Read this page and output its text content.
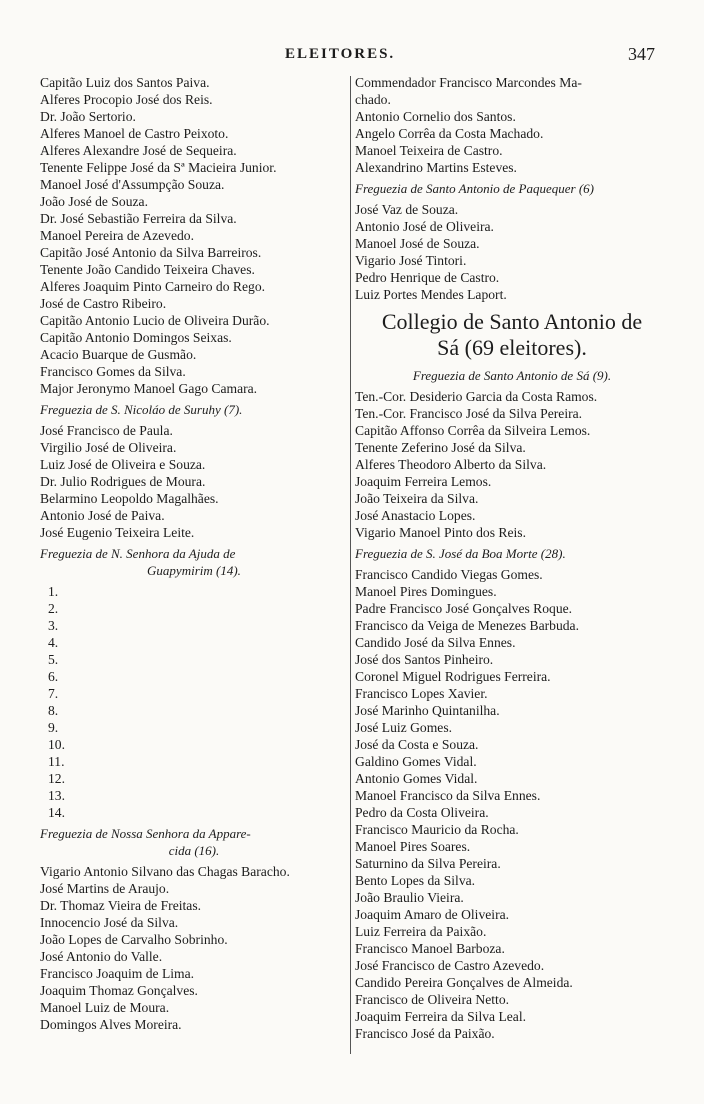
ELEITORES.	347
Capitão Luiz dos Santos Paiva.
Alferes Procopio José dos Reis.
Dr. João Sertorio.
Alferes Manoel de Castro Peixoto.
Alferes Alexandre José de Sequeira.
Tenente Felippe José da Sª Macieira Junior.
Manoel José d'Assumpção Souza.
João José de Souza.
Dr. José Sebastião Ferreira da Silva.
Manoel Pereira de Azevedo.
Capitão José Antonio da Silva Barreiros.
Tenente João Candido Teixeira Chaves.
Alferes Joaquim Pinto Carneiro do Rego.
José de Castro Ribeiro.
Capitão Antonio Lucio de Oliveira Durão.
Capitão Antonio Domingos Seixas.
Acacio Buarque de Gusmão.
Francisco Gomes da Silva.
Major Jeronymo Manoel Gago Camara.
Freguezia de S. Nicoláo de Suruhy (7).
José Francisco de Paula.
Virgilio José de Oliveira.
Luiz José de Oliveira e Souza.
Dr. Julio Rodrigues de Moura.
Belarmino Leopoldo Magalhães.
Antonio José de Paiva.
José Eugenio Teixeira Leite.
Freguezia de N. Senhora da Ajuda de
Guapymirim (14).
1.
2.
3.
4.
5.
6.
7.
8.
9.
10.
11.
12.
13.
14.
Freguezia de Nossa Senhora da Appare-
cida (16).
Vigario Antonio Silvano das Chagas Baracho.
José Martins de Araujo.
Dr. Thomaz Vieira de Freitas.
Innocencio José da Silva.
João Lopes de Carvalho Sobrinho.
José Antonio do Valle.
Francisco Joaquim de Lima.
Joaquim Thomaz Gonçalves.
Manoel Luiz de Moura.
Domingos Alves Moreira.
Commendador Francisco Marcondes Ma-
chado.
Antonio Cornelio dos Santos.
Angelo Corrêa da Costa Machado.
Manoel Teixeira de Castro.
Alexandrino Martins Esteves.
Freguezia de Santo Antonio de Paquequer (6)
José Vaz de Souza.
Antonio José de Oliveira.
Manoel José de Souza.
Vigario José Tintori.
Pedro Henrique de Castro.
Luiz Portes Mendes Laport.
Collegio de Santo Antonio de
Sá (69 eleitores).
Freguezia de Santo Antonio de Sá (9).
Ten.-Cor. Desiderio Garcia da Costa Ramos.
Ten.-Cor. Francisco José da Silva Pereira.
Capitão Affonso Corrêa da Silveira Lemos.
Tenente Zeferino José da Silva.
Alferes Theodoro Alberto da Silva.
Joaquim Ferreira Lemos.
João Teixeira da Silva.
José Anastacio Lopes.
Vigario Manoel Pinto dos Reis.
Freguezia de S. José da Boa Morte (28).
Francisco Candido Viegas Gomes.
Manoel Pires Domingues.
Padre Francisco José Gonçalves Roque.
Francisco da Veiga de Menezes Barbuda.
Candido José da Silva Ennes.
José dos Santos Pinheiro.
Coronel Miguel Rodrigues Ferreira.
Francisco Lopes Xavier.
José Marinho Quintanilha.
José Luiz Gomes.
José da Costa e Souza.
Galdino Gomes Vidal.
Antonio Gomes Vidal.
Manoel Francisco da Silva Ennes.
Pedro da Costa Oliveira.
Francisco Mauricio da Rocha.
Manoel Pires Soares.
Saturnino da Silva Pereira.
Bento Lopes da Silva.
João Braulio Vieira.
Joaquim Amaro de Oliveira.
Luiz Ferreira da Paixão.
Francisco Manoel Barboza.
José Francisco de Castro Azevedo.
Candido Pereira Gonçalves de Almeida.
Francisco de Oliveira Netto.
Joaquim Ferreira da Silva Leal.
Francisco José da Paixão.
